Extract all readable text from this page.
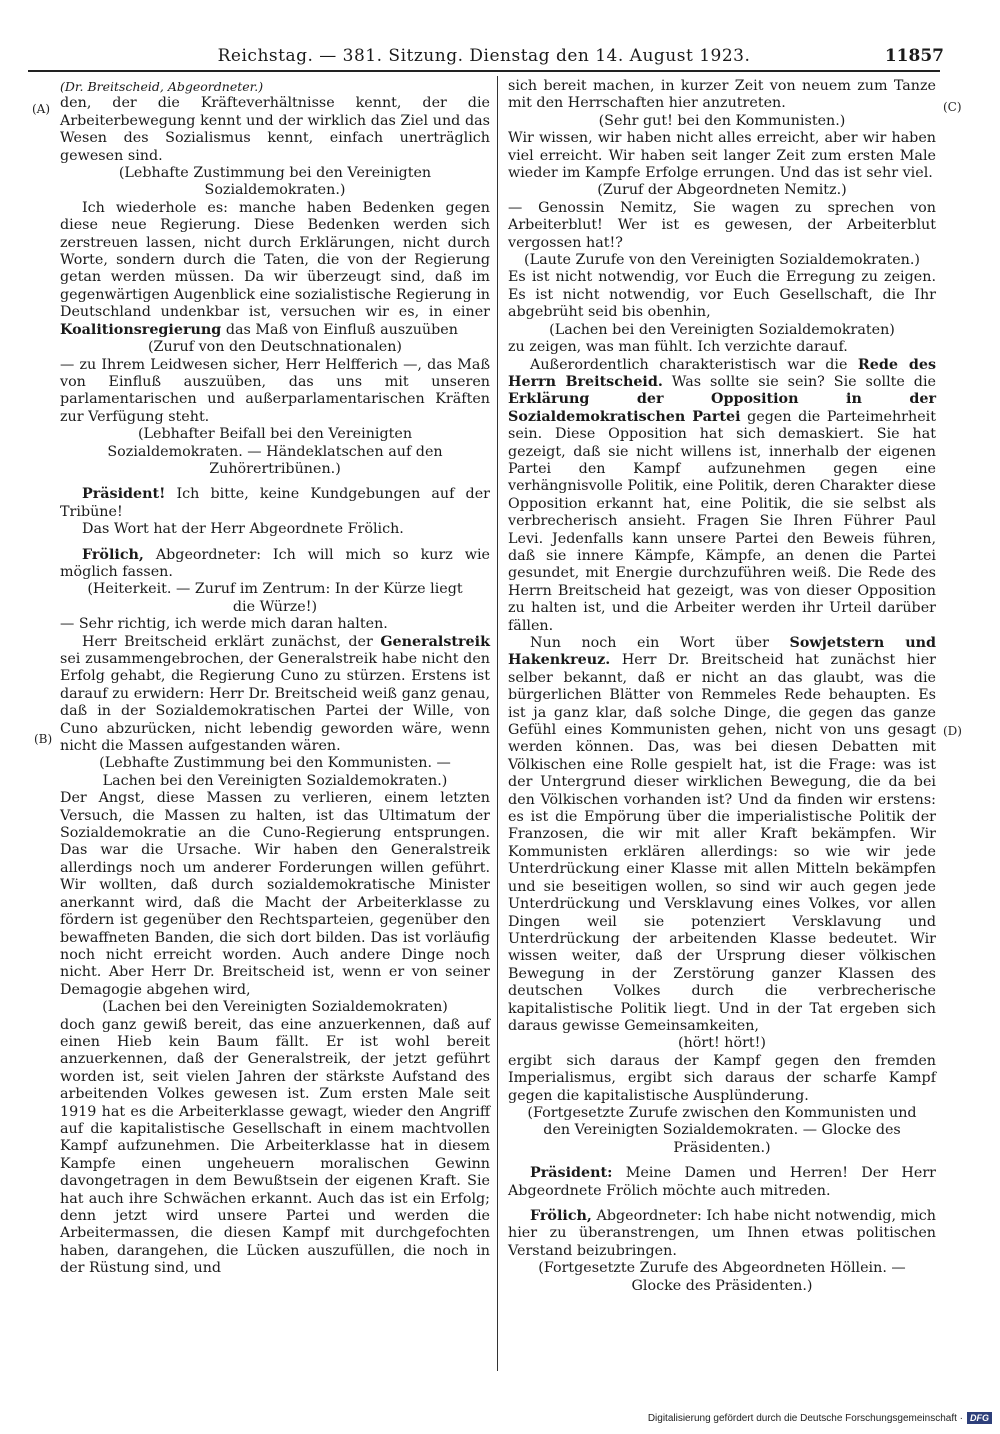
Reichstag. — 381. Sitzung. Dienstag den 14. August 1923.	11857
(A)
(B)
(C)
(D)

(Dr. Breitscheid, Abgeordneter.)

den, der die Kräfteverhältnisse kennt, der die Arbeiterbewegung kennt und der wirklich das Ziel und das Wesen des Sozialismus kennt, einfach unerträglich gewesen sind.

(Lebhafte Zustimmung bei den Vereinigten Sozialdemokraten.)

Ich wiederhole es: manche haben Bedenken gegen diese neue Regierung. Diese Bedenken werden sich zerstreuen lassen, nicht durch Erklärungen, nicht durch Worte, sondern durch die Taten, die von der Regierung getan werden müssen. Da wir überzeugt sind, daß im gegenwärtigen Augenblick eine sozialistische Regierung in Deutschland undenkbar ist, versuchen wir es, in einer Koalitionsregierung das Maß von Einfluß auszuüben

(Zuruf von den Deutschnationalen)

— zu Ihrem Leidwesen sicher, Herr Helfferich —, das Maß von Einfluß auszuüben, das uns mit unseren parlamentarischen und außerparlamentarischen Kräften zur Verfügung steht.

(Lebhafter Beifall bei den Vereinigten Sozialdemokraten. — Händeklatschen auf den Zuhörertribünen.)

Präsident! Ich bitte, keine Kundgebungen auf der Tribüne!

Das Wort hat der Herr Abgeordnete Frölich.

Frölich, Abgeordneter: Ich will mich so kurz wie möglich fassen.

(Heiterkeit. — Zuruf im Zentrum: In der Kürze liegt die Würze!)

— Sehr richtig, ich werde mich daran halten.

Herr Breitscheid erklärt zunächst, der Generalstreik sei zusammengebrochen, der Generalstreik habe nicht den Erfolg gehabt, die Regierung Cuno zu stürzen. Erstens ist darauf zu erwidern: Herr Dr. Breitscheid weiß ganz genau, daß in der Sozialdemokratischen Partei der Wille, von Cuno abzurücken, nicht lebendig geworden wäre, wenn nicht die Massen aufgestanden wären.

(Lebhafte Zustimmung bei den Kommunisten. — Lachen bei den Vereinigten Sozialdemokraten.)

Der Angst, diese Massen zu verlieren, einem letzten Versuch, die Massen zu halten, ist das Ultimatum der Sozialdemokratie an die Cuno-Regierung entsprungen. Das war die Ursache. Wir haben den Generalstreik allerdings noch um anderer Forderungen willen geführt. Wir wollten, daß durch sozialdemokratische Minister anerkannt wird, daß die Macht der Arbeiterklasse zu fördern ist gegenüber den Rechtsparteien, gegenüber den bewaffneten Banden, die sich dort bilden. Das ist vorläufig noch nicht erreicht worden. Auch andere Dinge noch nicht. Aber Herr Dr. Breitscheid ist, wenn er von seiner Demagogie abgehen wird,

(Lachen bei den Vereinigten Sozialdemokraten)

doch ganz gewiß bereit, das eine anzuerkennen, daß auf einen Hieb kein Baum fällt. Er ist wohl bereit anzuerkennen, daß der Generalstreik, der jetzt geführt worden ist, seit vielen Jahren der stärkste Aufstand des arbeitenden Volkes gewesen ist. Zum ersten Male seit 1919 hat es die Arbeiterklasse gewagt, wieder den Angriff auf die kapitalistische Gesellschaft in einem machtvollen Kampf aufzunehmen. Die Arbeiterklasse hat in diesem Kampfe einen ungeheuern moralischen Gewinn davongetragen in dem Bewußtsein der eigenen Kraft. Sie hat auch ihre Schwächen erkannt. Auch das ist ein Erfolg; denn jetzt wird unsere Partei und werden die Arbeitermassen, die diesen Kampf mit durchgefochten haben, darangehen, die Lücken auszufüllen, die noch in der Rüstung sind, und

sich bereit machen, in kurzer Zeit von neuem zum Tanze mit den Herrschaften hier anzutreten.

(Sehr gut! bei den Kommunisten.)

Wir wissen, wir haben nicht alles erreicht, aber wir haben viel erreicht. Wir haben seit langer Zeit zum ersten Male wieder im Kampfe Erfolge errungen. Und das ist sehr viel.

(Zuruf der Abgeordneten Nemitz.)

— Genossin Nemitz, Sie wagen zu sprechen von Arbeiterblut! Wer ist es gewesen, der Arbeiterblut vergossen hat!?

(Laute Zurufe von den Vereinigten Sozialdemokraten.)

Es ist nicht notwendig, vor Euch die Erregung zu zeigen. Es ist nicht notwendig, vor Euch Gesellschaft, die Ihr abgebrüht seid bis obenhin,

(Lachen bei den Vereinigten Sozialdemokraten)

zu zeigen, was man fühlt. Ich verzichte darauf.

Außerordentlich charakteristisch war die Rede des Herrn Breitscheid. Was sollte sie sein? Sie sollte die Erklärung der Opposition in der Sozialdemokratischen Partei gegen die Parteimehrheit sein. Diese Opposition hat sich demaskiert. Sie hat gezeigt, daß sie nicht willens ist, innerhalb der eigenen Partei den Kampf aufzunehmen gegen eine verhängnisvolle Politik, eine Politik, deren Charakter diese Opposition erkannt hat, eine Politik, die sie selbst als verbrecherisch ansieht. Fragen Sie Ihren Führer Paul Levi. Jedenfalls kann unsere Partei den Beweis führen, daß sie innere Kämpfe, Kämpfe, an denen die Partei gesundet, mit Energie durchzuführen weiß. Die Rede des Herrn Breitscheid hat gezeigt, was von dieser Opposition zu halten ist, und die Arbeiter werden ihr Urteil darüber fällen.

Nun noch ein Wort über Sowjetstern und Hakenkreuz. Herr Dr. Breitscheid hat zunächst hier selber bekannt, daß er nicht an das glaubt, was die bürgerlichen Blätter von Remmeles Rede behaupten. Es ist ja ganz klar, daß solche Dinge, die gegen das ganze Gefühl eines Kommunisten gehen, nicht von uns gesagt werden können. Das, was bei diesen Debatten mit Völkischen eine Rolle gespielt hat, ist die Frage: was ist der Untergrund dieser wirklichen Bewegung, die da bei den Völkischen vorhanden ist? Und da finden wir erstens: es ist die Empörung über die imperialistische Politik der Franzosen, die wir mit aller Kraft bekämpfen. Wir Kommunisten erklären allerdings: so wie wir jede Unterdrückung einer Klasse mit allen Mitteln bekämpfen und sie beseitigen wollen, so sind wir auch gegen jede Unterdrückung und Versklavung eines Volkes, vor allen Dingen weil sie potenziert Versklavung und Unterdrückung der arbeitenden Klasse bedeutet. Wir wissen weiter, daß der Ursprung dieser völkischen Bewegung in der Zerstörung ganzer Klassen des deutschen Volkes durch die verbrecherische kapitalistische Politik liegt. Und in der Tat ergeben sich daraus gewisse Gemeinsamkeiten,

(hört! hört!)

ergibt sich daraus der Kampf gegen den fremden Imperialismus, ergibt sich daraus der scharfe Kampf gegen die kapitalistische Ausplünderung.

(Fortgesetzte Zurufe zwischen den Kommunisten und den Vereinigten Sozialdemokraten. — Glocke des Präsidenten.)

Präsident: Meine Damen und Herren! Der Herr Abgeordnete Frölich möchte auch mitreden.

Frölich, Abgeordneter: Ich habe nicht notwendig, mich hier zu überanstrengen, um Ihnen etwas politischen Verstand beizubringen.

(Fortgesetzte Zurufe des Abgeordneten Höllein. — Glocke des Präsidenten.)

Digitalisierung gefördert durch die Deutsche Forschungsgemeinschaft · DFG
